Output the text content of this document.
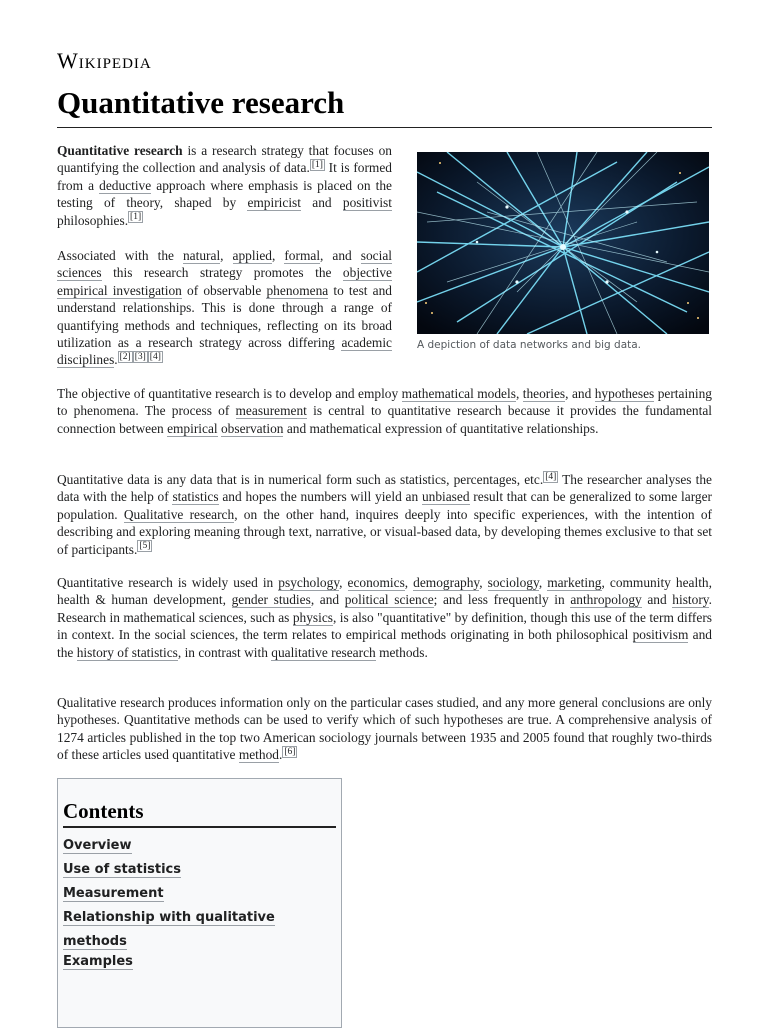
Wikipedia
Quantitative research

Quantitative research is a research strategy that focuses on quantifying the collection and analysis of data. [1] It is formed from a deductive approach where emphasis is placed on the testing of theory, shaped by empiricist and positivist philosophies. [1]

Associated with the natural, applied, formal, and social sciences this research strategy promotes the objective empirical investigation of observable phenomena to test and understand relationships. This is done through a range of quantifying methods and techniques, reflecting on its broad utilization as a research strategy across differing academic disciplines. [2] [3] [4]

A depiction of data networks and big data.

The objective of quantitative research is to develop and employ mathematical models, theories, and hypotheses pertaining to phenomena. The process of measurement is central to quantitative research because it provides the fundamental connection between empirical observation and mathematical expression of quantitative relationships.

Quantitative data is any data that is in numerical form such as statistics, percentages, etc. [4] The researcher analyses the data with the help of statistics and hopes the numbers will yield an unbiased result that can be generalized to some larger population. Qualitative research, on the other hand, inquires deeply into specific experiences, with the intention of describing and exploring meaning through text, narrative, or visual-based data, by developing themes exclusive to that set of participants. [5]

Quantitative research is widely used in psychology, economics, demography, sociology, marketing, community health, health & human development, gender studies, and political science; and less frequently in anthropology and history. Research in mathematical sciences, such as physics, is also "quantitative" by definition, though this use of the term differs in context. In the social sciences, the term relates to empirical methods originating in both philosophical positivism and the history of statistics, in contrast with qualitative research methods.

Qualitative research produces information only on the particular cases studied, and any more general conclusions are only hypotheses. Quantitative methods can be used to verify which of such hypotheses are true. A comprehensive analysis of 1274 articles published in the top two American sociology journals between 1935 and 2005 found that roughly two-thirds of these articles used quantitative method. [6]

Contents
Overview
Use of statistics
Measurement
Relationship with qualitative methods
Examples
